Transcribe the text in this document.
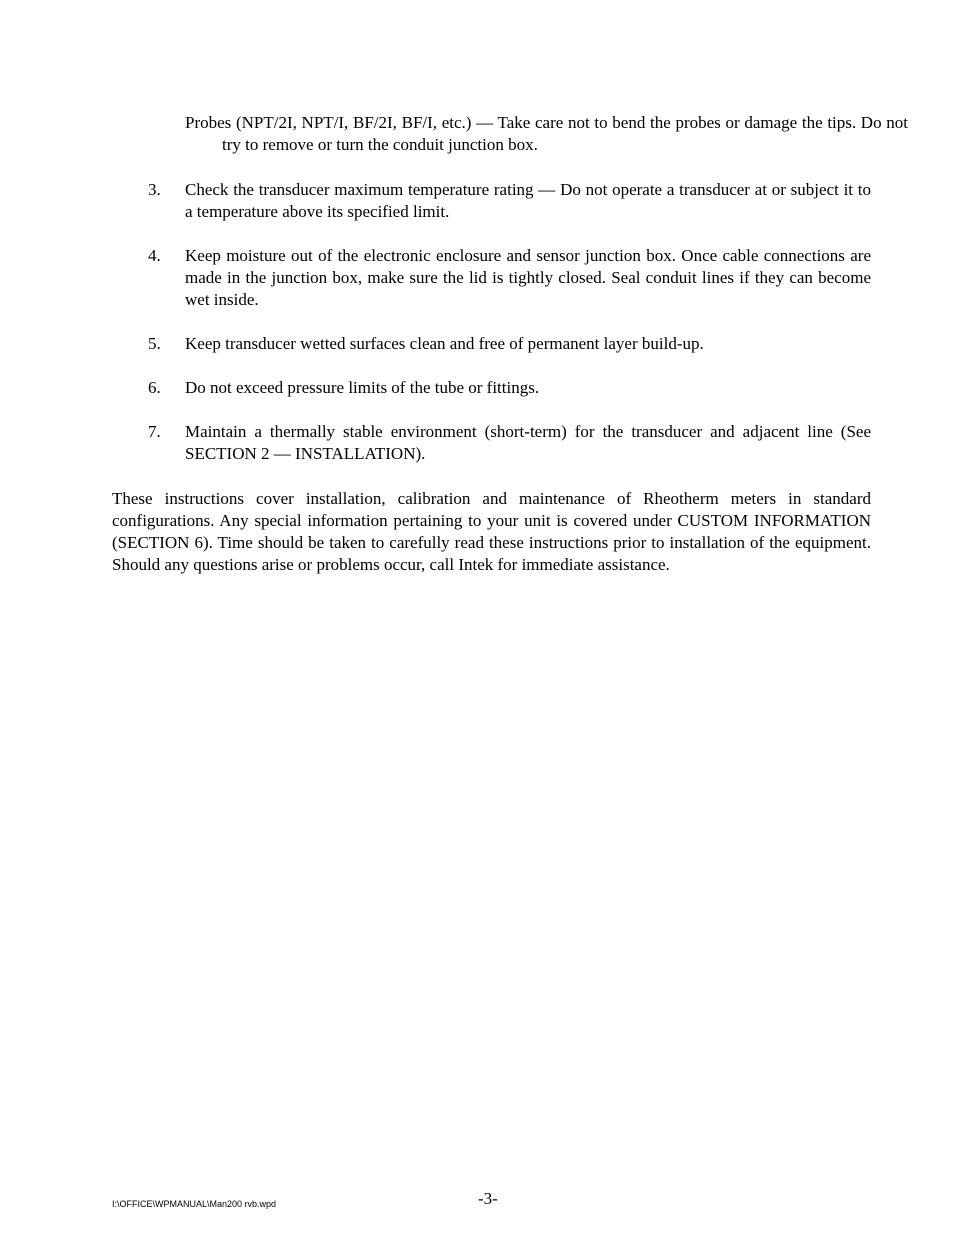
Probes (NPT/2I, NPT/I, BF/2I, BF/I, etc.) — Take care not to bend the probes or damage the tips. Do not try to remove or turn the conduit junction box.

3.	Check the transducer maximum temperature rating — Do not operate a transducer at or subject it to a temperature above its specified limit.
4.	Keep moisture out of the electronic enclosure and sensor junction box. Once cable connections are made in the junction box, make sure the lid is tightly closed. Seal conduit lines if they can become wet inside.
5.	Keep transducer wetted surfaces clean and free of permanent layer build-up.
6.	Do not exceed pressure limits of the tube or fittings.
7.	Maintain a thermally stable environment (short-term) for the transducer and adjacent line (See SECTION 2 — INSTALLATION).

These instructions cover installation, calibration and maintenance of Rheotherm meters in standard configurations. Any special information pertaining to your unit is covered under CUSTOM INFORMATION (SECTION 6). Time should be taken to carefully read these instructions prior to installation of the equipment. Should any questions arise or problems occur, call Intek for immediate assistance.

I:\OFFICE\WPMANUAL\Man200 rvb.wpd	-3-
